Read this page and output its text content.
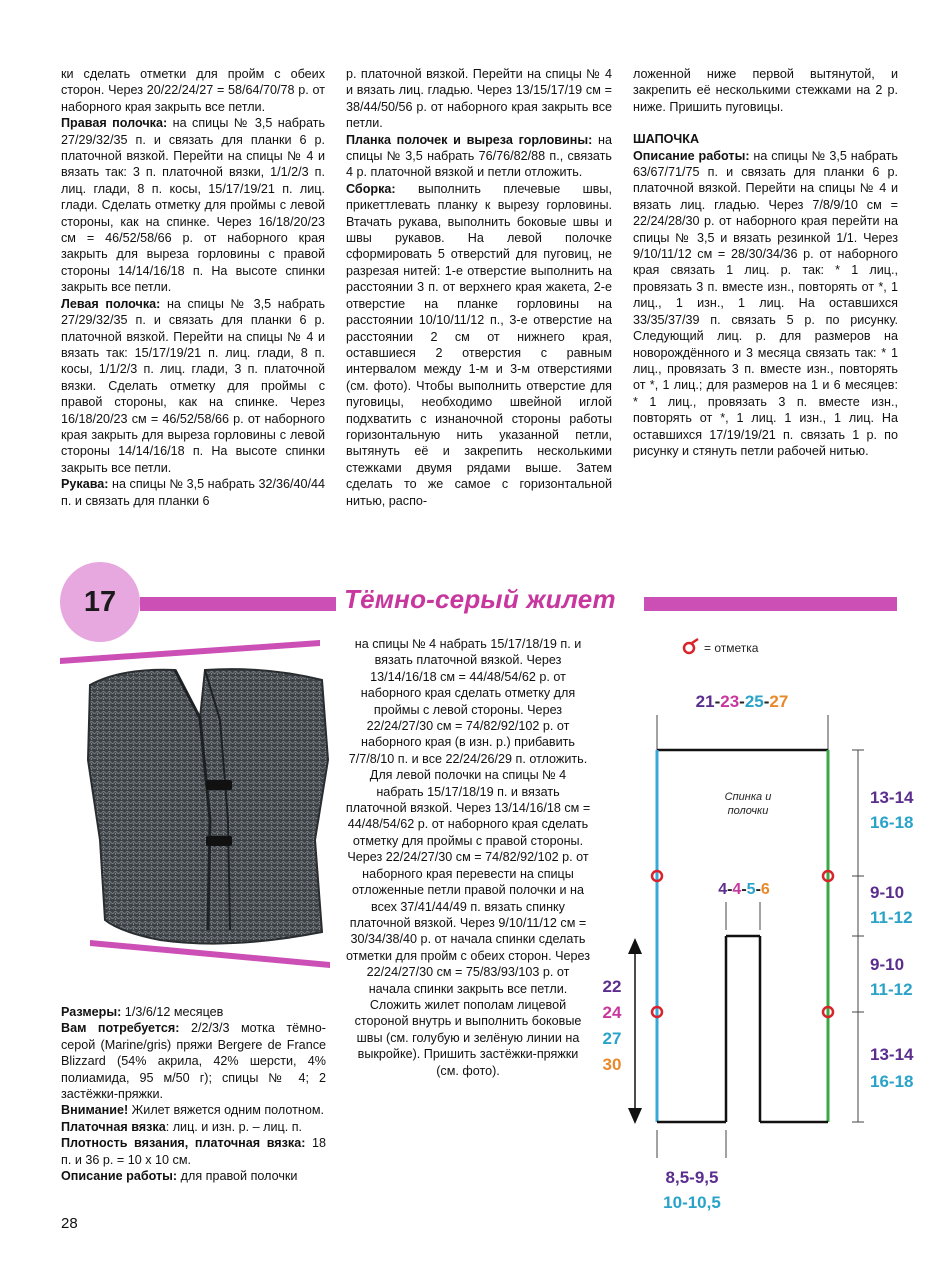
ки сделать отметки для пройм с обеих сторон. Через 20/22/24/27 = 58/64/70/78 р. от наборного края закрыть все петли.

Правая полочка: на спицы № 3,5 набрать 27/29/32/35 п. и связать для планки 6 р. платочной вязкой. Перейти на спицы № 4 и вязать так: 3 п. платочной вязки, 1/1/2/3 п. лиц. глади, 8 п. косы, 15/17/19/21 п. лиц. глади. Сделать отметку для проймы с левой стороны, как на спинке. Через 16/18/20/23 см = 46/52/58/66 р. от наборного края закрыть для выреза горловины с правой стороны 14/14/16/18 п. На высоте спинки закрыть все петли.

Левая полочка: на спицы № 3,5 набрать 27/29/32/35 п. и связать для планки 6 р. платочной вязкой. Перейти на спицы № 4 и вязать так: 15/17/19/21 п. лиц. глади, 8 п. косы, 1/1/2/3 п. лиц. глади, 3 п. платочной вязки. Сделать отметку для проймы с правой стороны, как на спинке. Через 16/18/20/23 см = 46/52/58/66 р. от наборного края закрыть для выреза горловины с левой стороны 14/14/16/18 п. На высоте спинки закрыть все петли.

Рукава: на спицы № 3,5 набрать 32/36/40/44 п. и связать для планки 6

р. платочной вязкой. Перейти на спицы № 4 и вязать лиц. гладью. Через 13/15/17/19 см = 38/44/50/56 р. от наборного края закрыть все петли.

Планка полочек и выреза горловины: на спицы № 3,5 набрать 76/76/82/88 п., связать 4 р. платочной вязкой и петли отложить.

Сборка: выполнить плечевые швы, прикеттлевать планку к вырезу горловины. Втачать рукава, выполнить боковые швы и швы рукавов. На левой полочке сформировать 5 отверстий для пуговиц, не разрезая нитей: 1-е отверстие выполнить на расстоянии 3 п. от верхнего края жакета, 2-е отверстие на планке горловины на расстоянии 10/10/11/12 п., 3-е отверстие на расстоянии 2 см от нижнего края, оставшиеся 2 отверстия с равным интервалом между 1-м и 3-м отверстиями (см. фото). Чтобы выполнить отверстие для пуговицы, необходимо швейной иглой подхватить с изнаночной стороны работы горизонтальную нить указанной петли, вытянуть её и закрепить несколькими стежками двумя рядами выше. Затем сделать то же самое с горизонтальной нитью, распо-

ложенной ниже первой вытянутой, и закрепить её несколькими стежками на 2 р. ниже. Пришить пуговицы.

ШАПОЧКА

Описание работы: на спицы № 3,5 набрать 63/67/71/75 п. и связать для планки 6 р. платочной вязкой. Перейти на спицы № 4 и вязать лиц. гладью. Через 7/8/9/10 см = 22/24/28/30 р. от наборного края перейти на спицы № 3,5 и вязать резинкой 1/1. Через 9/10/11/12 см = 28/30/34/36 р. от наборного края связать 1 лиц. р. так: * 1 лиц., провязать 3 п. вместе изн., повторять от *, 1 лиц., 1 изн., 1 лиц. На оставшихся 33/35/37/39 п. связать 5 р. по рисунку. Следующий лиц. р. для размеров на новорождённого и 3 месяца связать так: * 1 лиц., провязать 3 п. вместе изн., повторять от *, 1 лиц.; для размеров на 1 и 6 месяцев: * 1 лиц., провязать 3 п. вместе изн., повторять от *, 1 лиц. 1 изн., 1 лиц. На оставшихся 17/19/19/21 п. связать 1 р. по рисунку и стянуть петли рабочей нитью.

17	Тёмно-серый жилет

Размеры: 1/3/6/12 месяцев

Вам потребуется: 2/2/3/3 мотка тёмно-серой (Marine/gris) пряжи Bergere de France Blizzard (54% акрила, 42% шерсти, 4% полиамида, 95 м/50 г); спицы № 4; 2 застёжки-пряжки.

Внимание! Жилет вяжется одним полотном.

Платочная вязка: лиц. и изн. р. – лиц. п.

Плотность вязания, платочная вязка: 18 п. и 36 р. = 10 х 10 см.

Описание работы: для правой полочки

на спицы № 4 набрать 15/17/18/19 п. и вязать платочной вязкой. Через 13/14/16/18 см = 44/48/54/62 р. от наборного края сделать отметку для проймы с левой стороны. Через 22/24/27/30 см = 74/82/92/102 р. от наборного края (в изн. р.) прибавить 7/7/8/10 п. и все 22/24/26/29 п. отложить. Для левой полочки на спицы № 4 набрать 15/17/18/19 п. и вязать платочной вязкой. Через 13/14/16/18 см = 44/48/54/62 р. от наборного края сделать отметку для проймы с правой стороны. Через 22/24/27/30 см = 74/82/92/102 р. от наборного края перевести на спицы отложенные петли правой полочки и на всех 37/41/44/49 п. вязать спинку платочной вязкой. Через 9/10/11/12 см = 30/34/38/40 р. от начала спинки сделать отметки для пройм с обеих сторон. Через 22/24/27/30 см = 75/83/93/103 р. от начала спинки закрыть все петли. Сложить жилет пополам лицевой стороной внутрь и выполнить боковые швы (см. голубую и зелёную линии на выкройке). Пришить застёжки-пряжки (см. фото).

= отметка
21-23-25-27
Спинка и
полочки
4-4-5-6
13-14
16-18
9-10
11-12
9-10
11-12
13-14
16-18
22
24
27
30
8,5-9,5
10-10,5
28
